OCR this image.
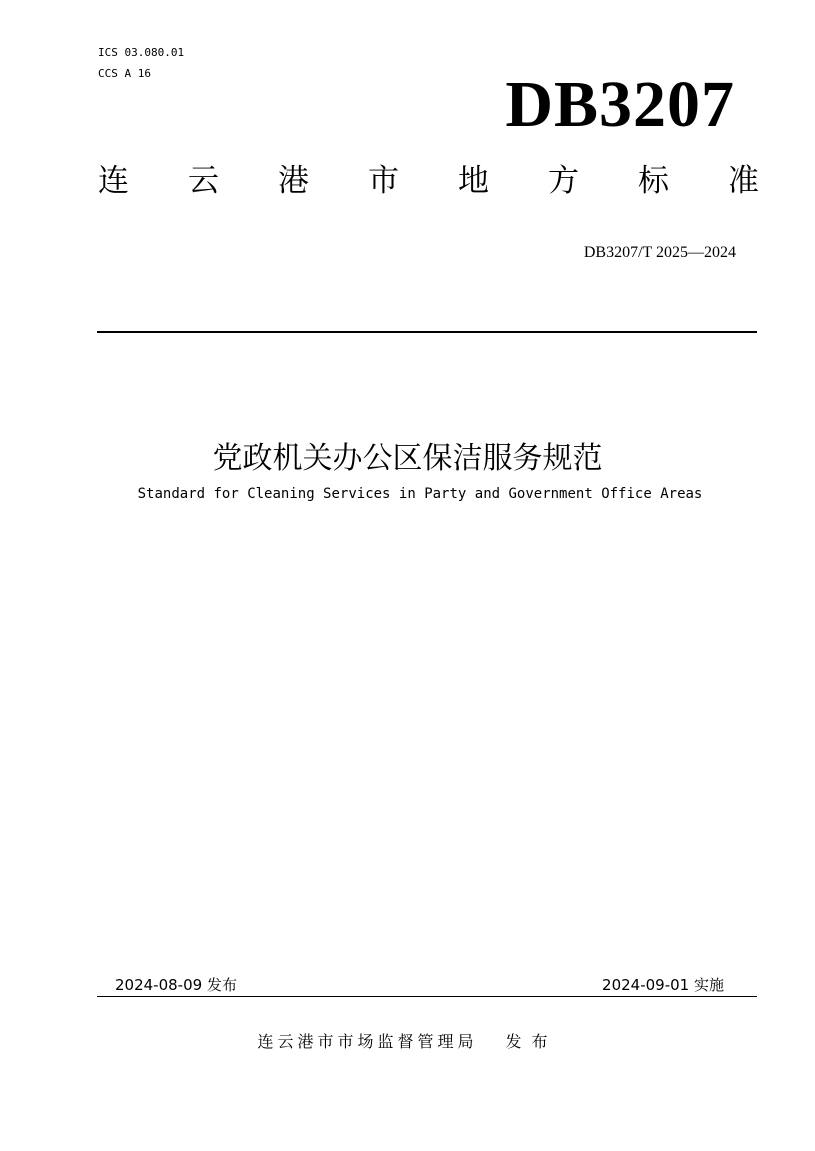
ICS 03.080.01
CCS A 16	DB3207
连 云 港 市 地 方 标 准
DB3207/T 2025—2024
党政机关办公区保洁服务规范
Standard for Cleaning Services in Party and Government Office Areas
2024-08-09 发布	2024-09-01 实施
连云港市市场监督管理局 发布
